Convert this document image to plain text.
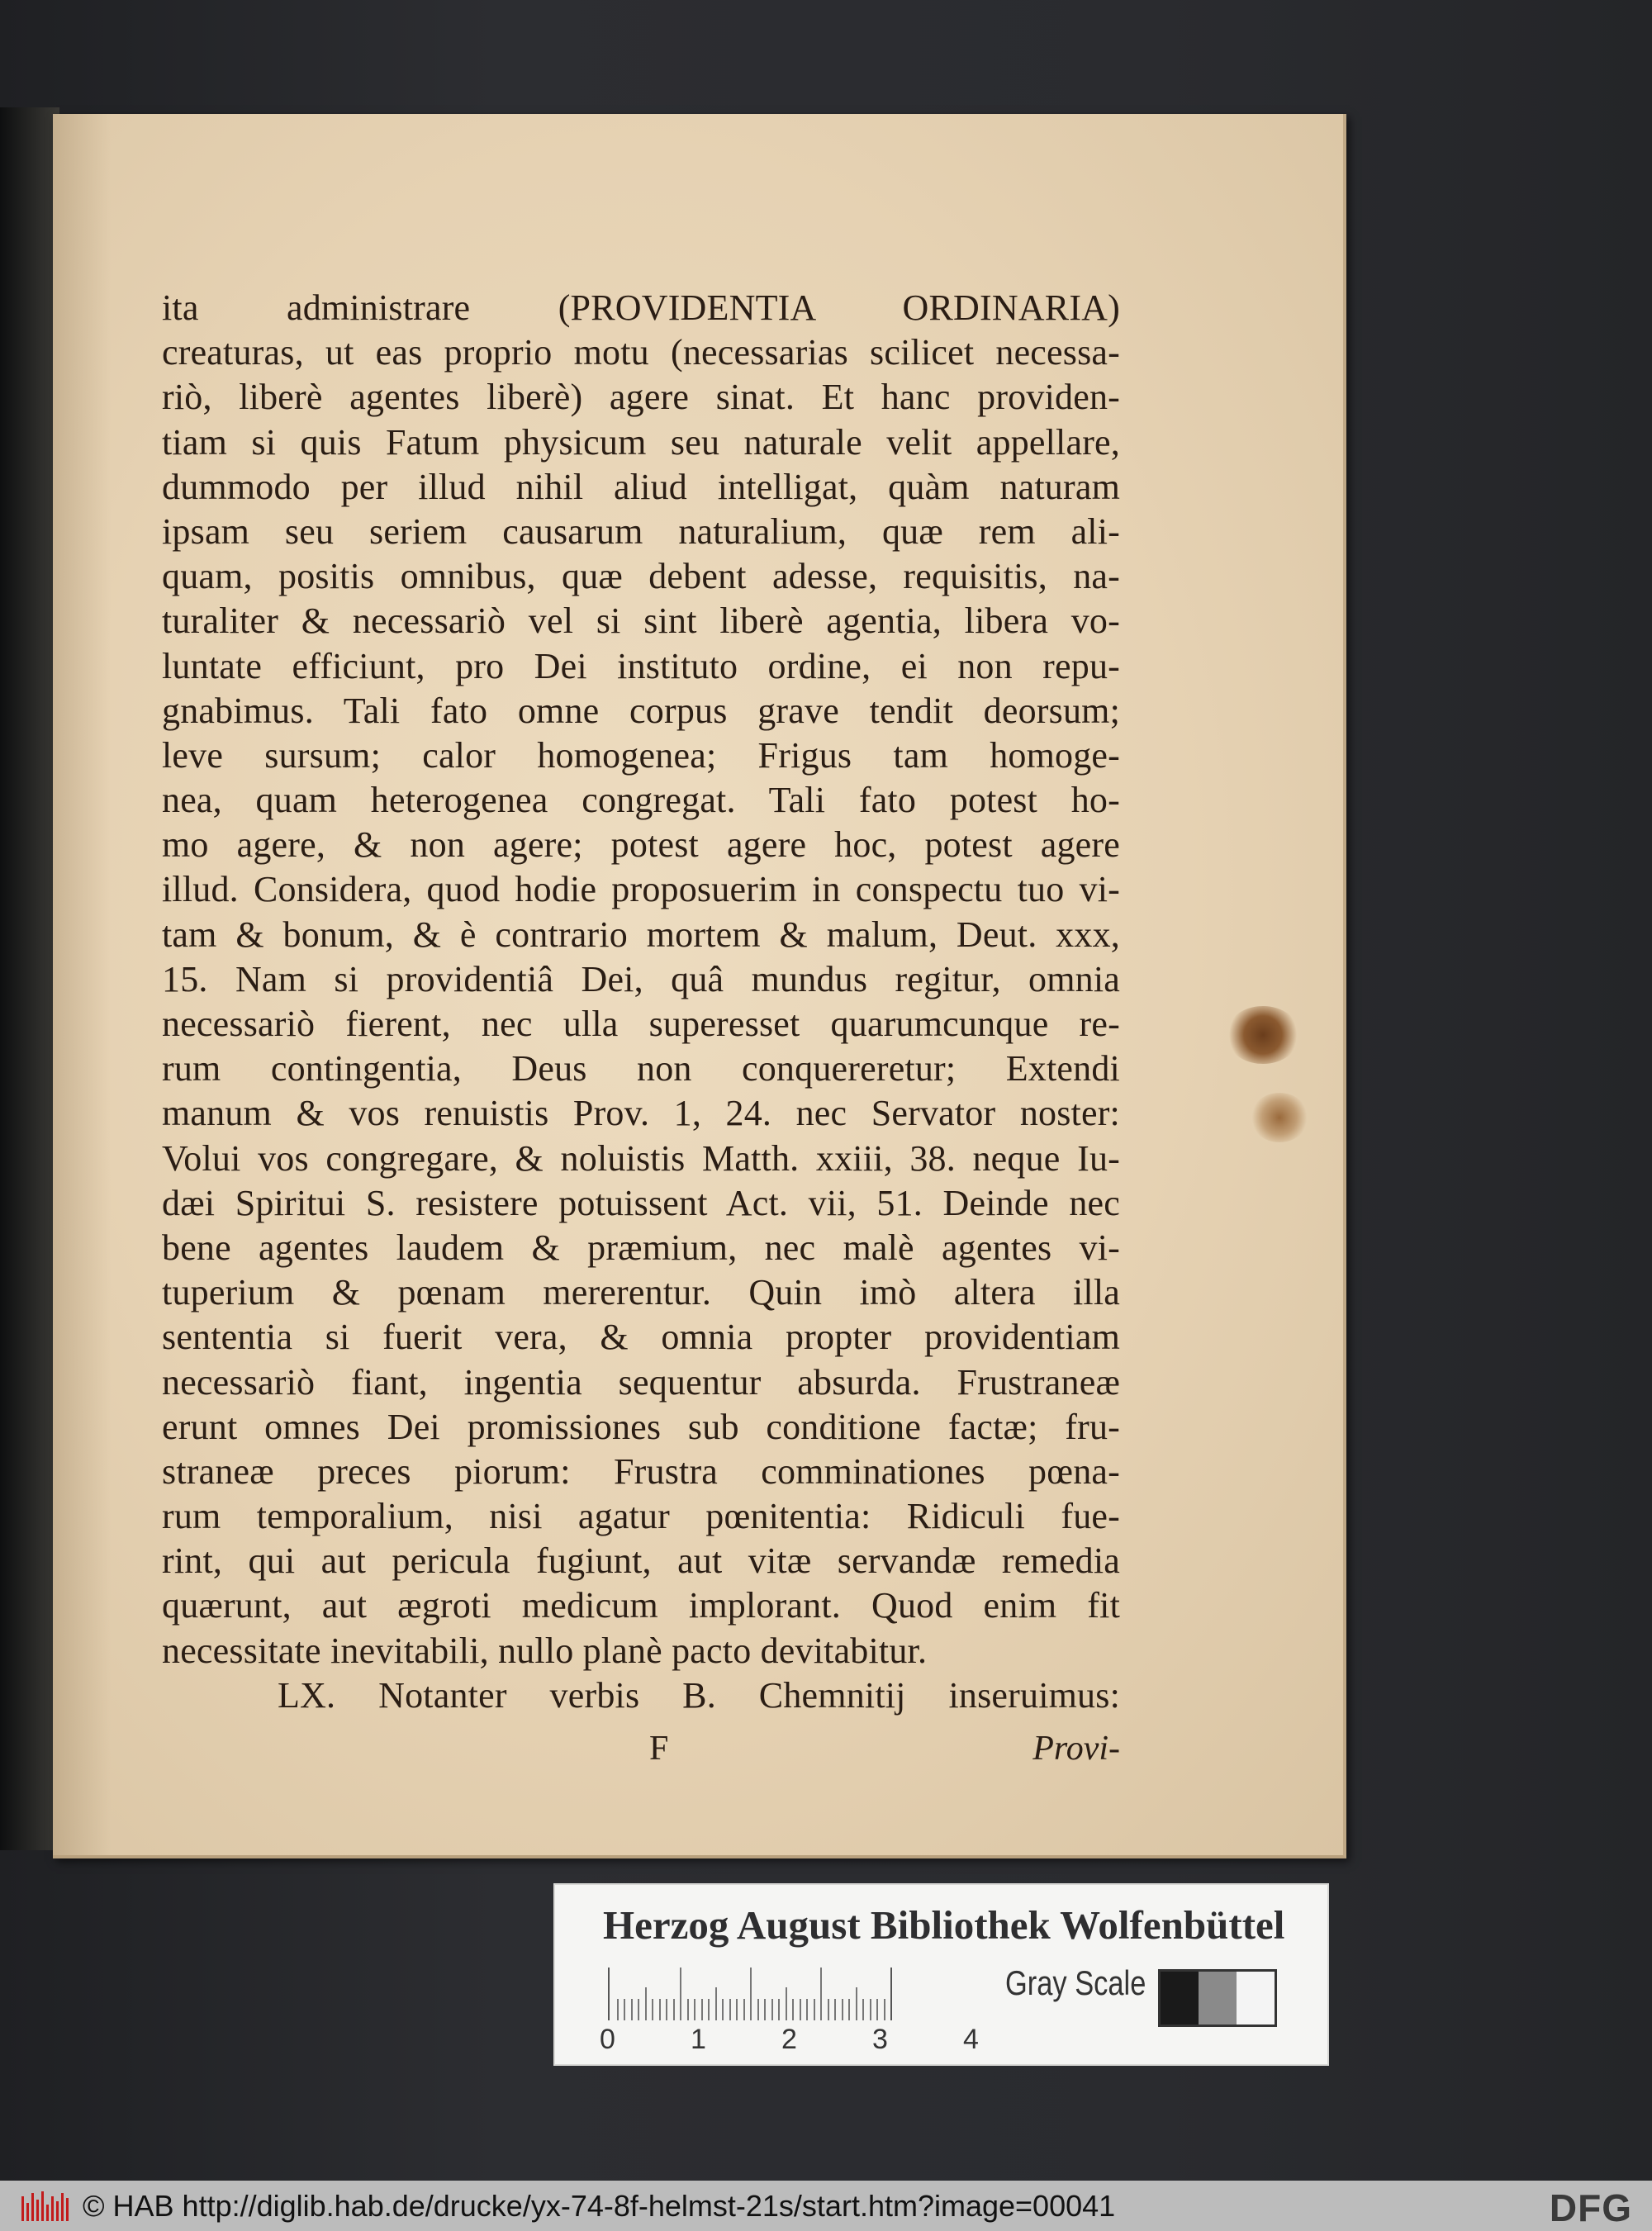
ita administrare (PROVIDENTIA ORDINARIA)
creaturas, ut eas proprio motu (necessarias scilicet necessa-
riò, liberè agentes liberè) agere sinat. Et hanc providen-
tiam si quis Fatum physicum seu naturale velit appellare,
dummodo per illud nihil aliud intelligat, quàm naturam
ipsam seu seriem causarum naturalium, quæ rem ali-
quam, positis omnibus, quæ debent adesse, requisitis, na-
turaliter & necessariò vel si sint liberè agentia, libera vo-
luntate efficiunt, pro Dei instituto ordine, ei non repu-
gnabimus. Tali fato omne corpus grave tendit deorsum;
leve sursum; calor homogenea; Frigus tam homoge-
nea, quam heterogenea congregat. Tali fato potest ho-
mo agere, & non agere; potest agere hoc, potest agere
illud. Considera, quod hodie proposuerim in conspectu tuo vi-
tam & bonum, & è contrario mortem & malum, Deut. xxx,
15. Nam si providentiâ Dei, quâ mundus regitur, omnia
necessariò fierent, nec ulla superesset quarumcunque re-
rum contingentia, Deus non conquereretur; Extendi
manum & vos renuistis Prov. 1, 24. nec Servator noster:
Volui vos congregare, & noluistis Matth. xxiii, 38. neque Iu-
dæi Spiritui S. resistere potuissent Act. vii, 51. Deinde nec
bene agentes laudem & præmium, nec malè agentes vi-
tuperium & pœnam mererentur. Quin imò altera illa
sententia si fuerit vera, & omnia propter providentiam
necessariò fiant, ingentia sequentur absurda. Frustraneæ
erunt omnes Dei promissiones sub conditione factæ; fru-
straneæ preces piorum: Frustra comminationes pœna-
rum temporalium, nisi agatur pœnitentia: Ridiculi fue-
rint, qui aut pericula fugiunt, aut vitæ servandæ remedia
quærunt, aut ægroti medicum implorant. Quod enim fit
necessitate inevitabili, nullo planè pacto devitabitur.
LX. Notanter verbis B. Chemnitij inseruimus:
F	Provi-
Herzog August Bibliothek Wolfenbüttel
0	1	2	3	4
Gray Scale
© HAB http://diglib.hab.de/drucke/yx-74-8f-helmst-21s/start.htm?image=00041	DFG
